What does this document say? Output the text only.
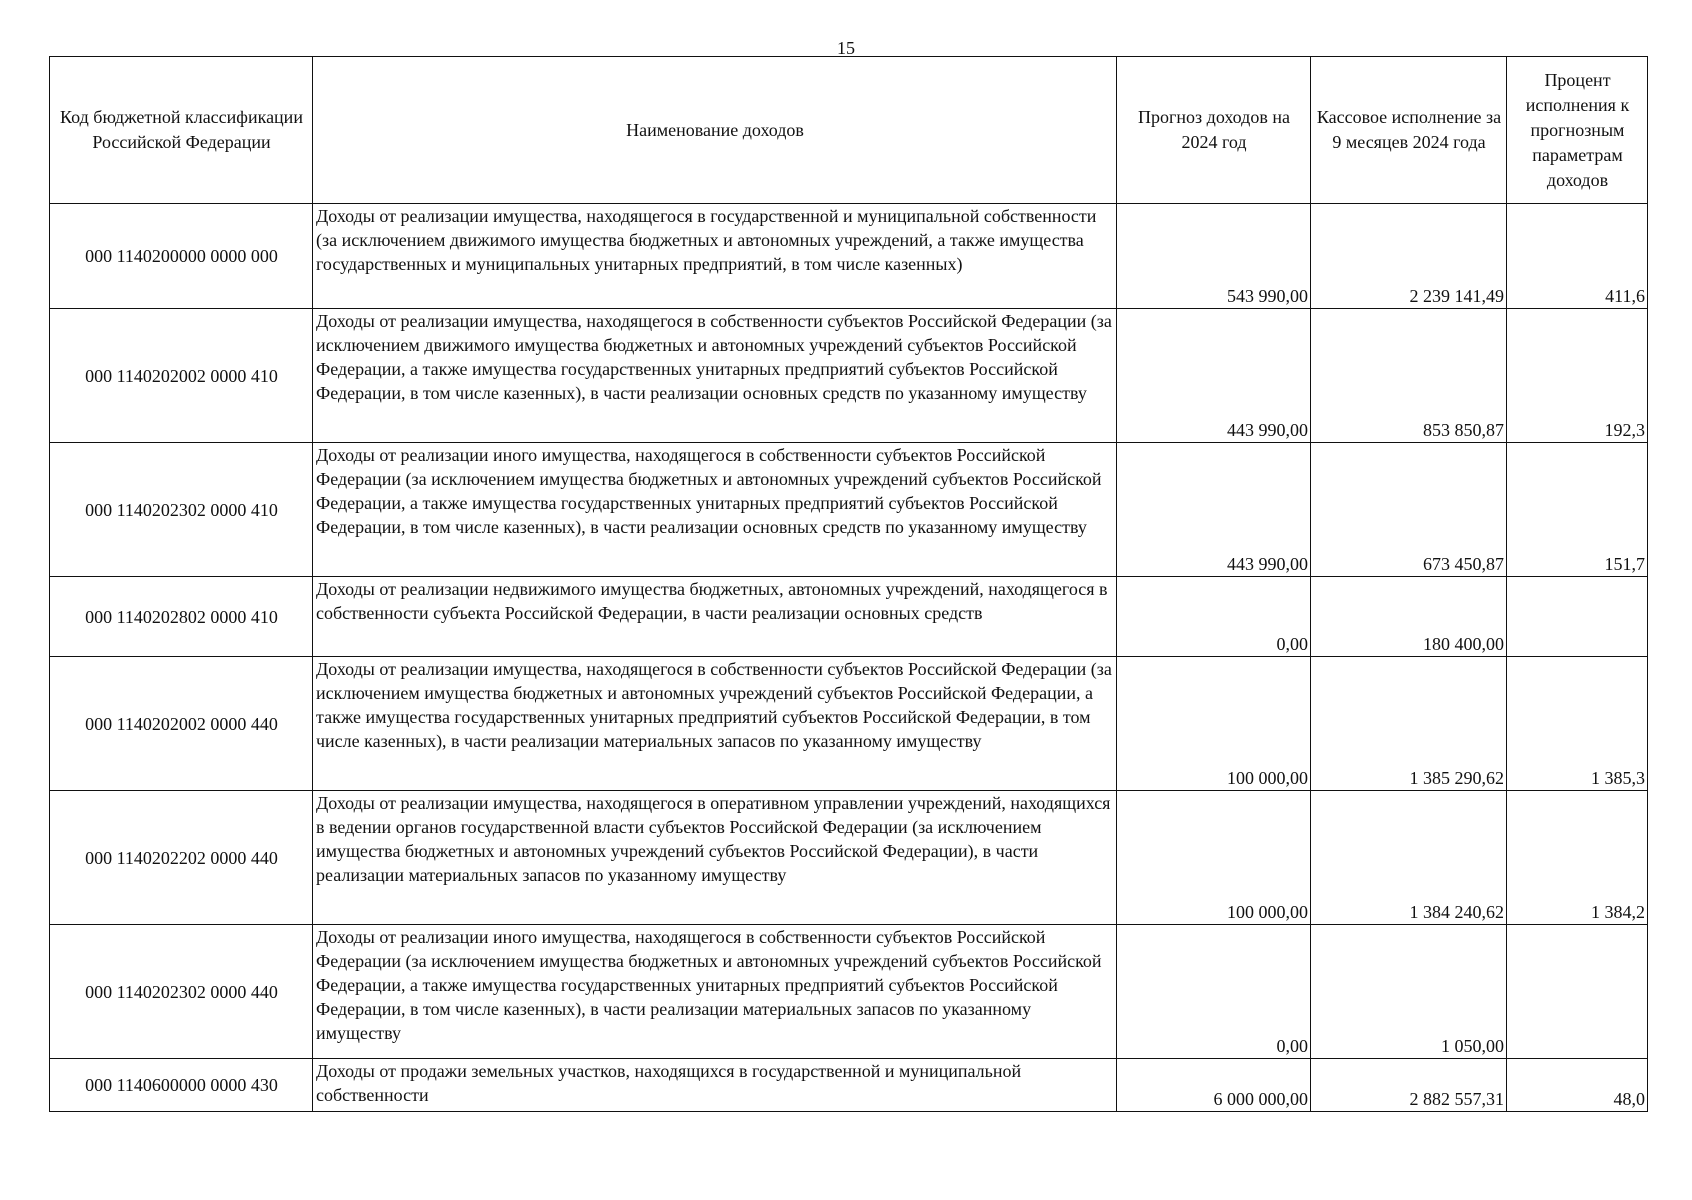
15
Код бюджетной классификации Российской Федерации	Наименование доходов	Прогноз доходов на 2024 год	Кассовое исполнение за 9 месяцев 2024 года	Процент исполнения к прогнозным параметрам доходов
000 1140200000 0000 000	Доходы от реализации имущества, находящегося в государственной и муниципальной собственности (за исключением движимого имущества бюджетных и автономных учреждений, а также имущества государственных и муниципальных унитарных предприятий, в том числе казенных)	543 990,00	2 239 141,49	411,6
000 1140202002 0000 410	Доходы от реализации имущества, находящегося в собственности субъектов Российской Федерации (за исключением движимого имущества бюджетных и автономных учреждений субъектов Российской Федерации, а также имущества государственных унитарных предприятий субъектов Российской Федерации, в том числе казенных), в части реализации основных средств по указанному имуществу	443 990,00	853 850,87	192,3
000 1140202302 0000 410	Доходы от реализации иного имущества, находящегося в собственности субъектов Российской Федерации (за исключением имущества бюджетных и автономных учреждений субъектов Российской Федерации, а также имущества государственных унитарных предприятий субъектов Российской Федерации, в том числе казенных), в части реализации основных средств по указанному имуществу	443 990,00	673 450,87	151,7
000 1140202802 0000 410	Доходы от реализации недвижимого имущества бюджетных, автономных учреждений, находящегося в собственности субъекта Российской Федерации, в части реализации основных средств	0,00	180 400,00	
000 1140202002 0000 440	Доходы от реализации имущества, находящегося в собственности субъектов Российской Федерации (за исключением имущества бюджетных и автономных учреждений субъектов Российской Федерации, а также имущества государственных унитарных предприятий субъектов Российской Федерации, в том числе казенных), в части реализации материальных запасов по указанному имуществу	100 000,00	1 385 290,62	1 385,3
000 1140202202 0000 440	Доходы от реализации имущества, находящегося в оперативном управлении учреждений, находящихся в ведении органов государственной власти субъектов Российской Федерации (за исключением имущества бюджетных и автономных учреждений субъектов Российской Федерации), в части реализации материальных запасов по указанному имуществу	100 000,00	1 384 240,62	1 384,2
000 1140202302 0000 440	Доходы от реализации иного имущества, находящегося в собственности субъектов Российской Федерации (за исключением имущества бюджетных и автономных учреждений субъектов Российской Федерации, а также имущества государственных унитарных предприятий субъектов Российской Федерации, в том числе казенных), в части реализации материальных запасов по указанному имуществу	0,00	1 050,00	
000 1140600000 0000 430	Доходы от продажи земельных участков, находящихся в государственной и муниципальной собственности	6 000 000,00	2 882 557,31	48,0
